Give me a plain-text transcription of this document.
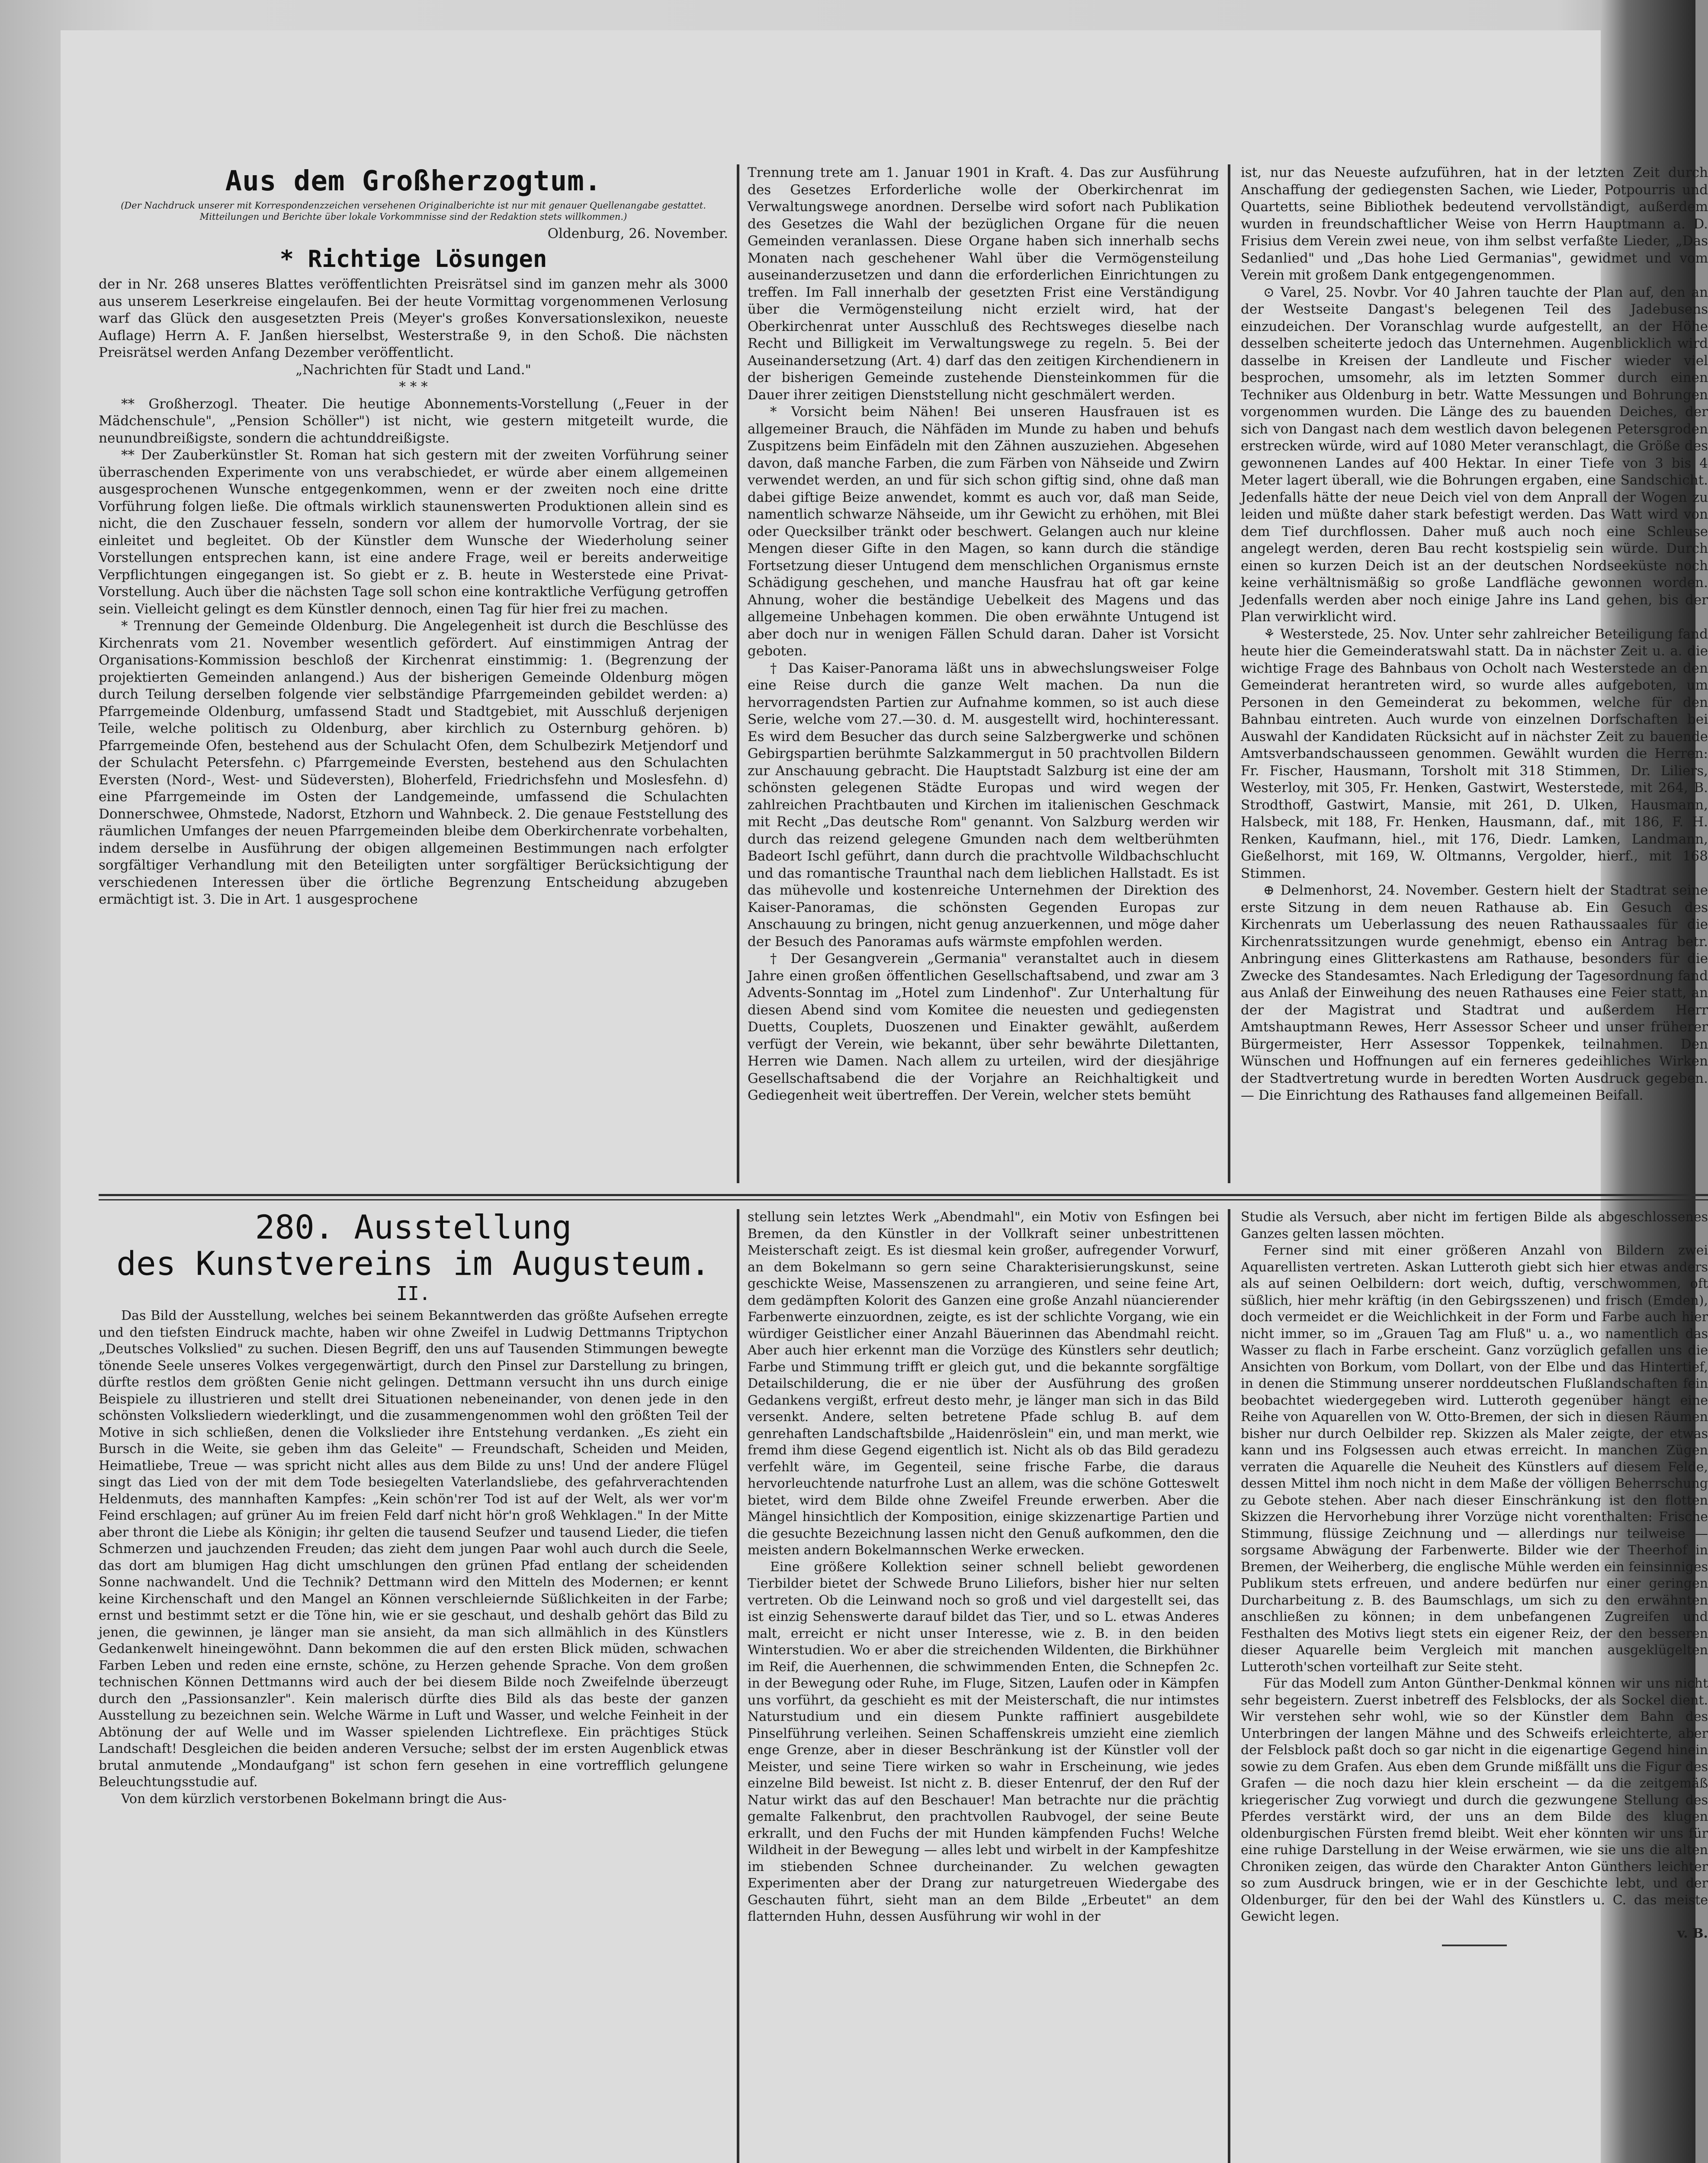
Aus dem Großherzogtum.
(Der Nachdruck unserer mit Korrespondenzzeichen versehenen Originalberichte ist nur mit genauer Quellenangabe gestattet. Mitteilungen und Berichte über lokale Vorkommnisse sind der Redaktion stets willkommen.)
Oldenburg, 26. November.
* Richtige Lösungen

der in Nr. 268 unseres Blattes veröffentlichten Preisrätsel sind im ganzen mehr als 3000 aus unserem Leserkreise eingelaufen. Bei der heute Vormittag vorgenommenen Verlosung warf das Glück den ausgesetzten Preis (Meyer's großes Konversationslexikon, neueste Auflage) Herrn A. F. Janßen hierselbst, Westerstraße 9, in den Schoß. Die nächsten Preisrätsel werden Anfang Dezember veröffentlicht.

„Nachrichten für Stadt und Land."
* * *

** Großherzogl. Theater. Die heutige Abonnements-Vorstellung („Feuer in der Mädchenschule", „Pension Schöller") ist nicht, wie gestern mitgeteilt wurde, die neunundbreißigste, sondern die achtunddreißigste.

** Der Zauberkünstler St. Roman hat sich gestern mit der zweiten Vorführung seiner überraschenden Experimente von uns verabschiedet, er würde aber einem allgemeinen ausgesprochenen Wunsche entgegenkommen, wenn er der zweiten noch eine dritte Vorführung folgen ließe. Die oftmals wirklich staunenswerten Produktionen allein sind es nicht, die den Zuschauer fesseln, sondern vor allem der humorvolle Vortrag, der sie einleitet und begleitet. Ob der Künstler dem Wunsche der Wiederholung seiner Vorstellungen entsprechen kann, ist eine andere Frage, weil er bereits anderweitige Verpflichtungen eingegangen ist. So giebt er z. B. heute in Westerstede eine Privat-Vorstellung. Auch über die nächsten Tage soll schon eine kontraktliche Verfügung getroffen sein. Vielleicht gelingt es dem Künstler dennoch, einen Tag für hier frei zu machen.

* Trennung der Gemeinde Oldenburg. Die Angelegenheit ist durch die Beschlüsse des Kirchenrats vom 21. November wesentlich gefördert. Auf einstimmigen Antrag der Organisations-Kommission beschloß der Kirchenrat einstimmig: 1. (Begrenzung der projektierten Gemeinden anlangend.) Aus der bisherigen Gemeinde Oldenburg mögen durch Teilung derselben folgende vier selbständige Pfarrgemeinden gebildet werden: a) Pfarrgemeinde Oldenburg, umfassend Stadt und Stadtgebiet, mit Ausschluß derjenigen Teile, welche politisch zu Oldenburg, aber kirchlich zu Osternburg gehören. b) Pfarrgemeinde Ofen, bestehend aus der Schulacht Ofen, dem Schulbezirk Metjendorf und der Schulacht Petersfehn. c) Pfarrgemeinde Eversten, bestehend aus den Schulachten Eversten (Nord-, West- und Südeversten), Bloherfeld, Friedrichsfehn und Moslesfehn. d) eine Pfarrgemeinde im Osten der Landgemeinde, umfassend die Schulachten Donnerschwee, Ohmstede, Nadorst, Etzhorn und Wahnbeck. 2. Die genaue Feststellung des räumlichen Umfanges der neuen Pfarrgemeinden bleibe dem Oberkirchenrate vorbehalten, indem derselbe in Ausführung der obigen allgemeinen Bestimmungen nach erfolgter sorgfältiger Verhandlung mit den Beteiligten unter sorgfältiger Berücksichtigung der verschiedenen Interessen über die örtliche Begrenzung Entscheidung abzugeben ermächtigt ist. 3. Die in Art. 1 ausgesprochene

Trennung trete am 1. Januar 1901 in Kraft. 4. Das zur Ausführung des Gesetzes Erforderliche wolle der Oberkirchenrat im Verwaltungswege anordnen. Derselbe wird sofort nach Publikation des Gesetzes die Wahl der bezüglichen Organe für die neuen Gemeinden veranlassen. Diese Organe haben sich innerhalb sechs Monaten nach geschehener Wahl über die Vermögensteilung auseinanderzusetzen und dann die erforderlichen Einrichtungen zu treffen. Im Fall innerhalb der gesetzten Frist eine Verständigung über die Vermögensteilung nicht erzielt wird, hat der Oberkirchenrat unter Ausschluß des Rechtsweges dieselbe nach Recht und Billigkeit im Verwaltungswege zu regeln. 5. Bei der Auseinandersetzung (Art. 4) darf das den zeitigen Kirchendienern in der bisherigen Gemeinde zustehende Diensteinkommen für die Dauer ihrer zeitigen Dienststellung nicht geschmälert werden.

* Vorsicht beim Nähen! Bei unseren Hausfrauen ist es allgemeiner Brauch, die Nähfäden im Munde zu haben und behufs Zuspitzens beim Einfädeln mit den Zähnen auszuziehen. Abgesehen davon, daß manche Farben, die zum Färben von Nähseide und Zwirn verwendet werden, an und für sich schon giftig sind, ohne daß man dabei giftige Beize anwendet, kommt es auch vor, daß man Seide, namentlich schwarze Nähseide, um ihr Gewicht zu erhöhen, mit Blei oder Quecksilber tränkt oder beschwert. Gelangen auch nur kleine Mengen dieser Gifte in den Magen, so kann durch die ständige Fortsetzung dieser Untugend dem menschlichen Organismus ernste Schädigung geschehen, und manche Hausfrau hat oft gar keine Ahnung, woher die beständige Uebelkeit des Magens und das allgemeine Unbehagen kommen. Die oben erwähnte Untugend ist aber doch nur in wenigen Fällen Schuld daran. Daher ist Vorsicht geboten.

† Das Kaiser-Panorama läßt uns in abwechslungsweiser Folge eine Reise durch die ganze Welt machen. Da nun die hervorragendsten Partien zur Aufnahme kommen, so ist auch diese Serie, welche vom 27.—30. d. M. ausgestellt wird, hochinteressant. Es wird dem Besucher das durch seine Salzbergwerke und schönen Gebirgspartien berühmte Salzkammergut in 50 prachtvollen Bildern zur Anschauung gebracht. Die Hauptstadt Salzburg ist eine der am schönsten gelegenen Städte Europas und wird wegen der zahlreichen Prachtbauten und Kirchen im italienischen Geschmack mit Recht „Das deutsche Rom" genannt. Von Salzburg werden wir durch das reizend gelegene Gmunden nach dem weltberühmten Badeort Ischl geführt, dann durch die prachtvolle Wildbachschlucht und das romantische Traunthal nach dem lieblichen Hallstadt. Es ist das mühevolle und kostenreiche Unternehmen der Direktion des Kaiser-Panoramas, die schönsten Gegenden Europas zur Anschauung zu bringen, nicht genug anzuerkennen, und möge daher der Besuch des Panoramas aufs wärmste empfohlen werden.

† Der Gesangverein „Germania" veranstaltet auch in diesem Jahre einen großen öffentlichen Gesellschaftsabend, und zwar am 3 Advents-Sonntag im „Hotel zum Lindenhof". Zur Unterhaltung für diesen Abend sind vom Komitee die neuesten und gediegensten Duetts, Couplets, Duoszenen und Einakter gewählt, außerdem verfügt der Verein, wie bekannt, über sehr bewährte Dilettanten, Herren wie Damen. Nach allem zu urteilen, wird der diesjährige Gesellschaftsabend die der Vorjahre an Reichhaltigkeit und Gediegenheit weit übertreffen. Der Verein, welcher stets bemüht

ist, nur das Neueste aufzuführen, hat in der letzten Zeit durch Anschaffung der gediegensten Sachen, wie Lieder, Potpourris und Quartetts, seine Bibliothek bedeutend vervollständigt, außerdem wurden in freundschaftlicher Weise von Herrn Hauptmann a. D. Frisius dem Verein zwei neue, von ihm selbst verfaßte Lieder, „Das Sedanlied" und „Das hohe Lied Germanias", gewidmet und vom Verein mit großem Dank entgegengenommen.

⊙ Varel, 25. Novbr. Vor 40 Jahren tauchte der Plan auf, den an der Westseite Dangast's belegenen Teil des Jadebusens einzudeichen. Der Voranschlag wurde aufgestellt, an der Höhe desselben scheiterte jedoch das Unternehmen. Augenblicklich wird dasselbe in Kreisen der Landleute und Fischer wieder viel besprochen, umsomehr, als im letzten Sommer durch einen Techniker aus Oldenburg in betr. Watte Messungen und Bohrungen vorgenommen wurden. Die Länge des zu bauenden Deiches, der sich von Dangast nach dem westlich davon belegenen Petersgroden erstrecken würde, wird auf 1080 Meter veranschlagt, die Größe des gewonnenen Landes auf 400 Hektar. In einer Tiefe von 3 bis 4 Meter lagert überall, wie die Bohrungen ergaben, eine Sandschicht. Jedenfalls hätte der neue Deich viel von dem Anprall der Wogen zu leiden und müßte daher stark befestigt werden. Das Watt wird von dem Tief durchflossen. Daher muß auch noch eine Schleuse angelegt werden, deren Bau recht kostspielig sein würde. Durch einen so kurzen Deich ist an der deutschen Nordseeküste noch keine verhältnismäßig so große Landfläche gewonnen worden. Jedenfalls werden aber noch einige Jahre ins Land gehen, bis der Plan verwirklicht wird.

⚘ Westerstede, 25. Nov. Unter sehr zahlreicher Beteiligung fand heute hier die Gemeinderatswahl statt. Da in nächster Zeit u. a. die wichtige Frage des Bahnbaus von Ocholt nach Westerstede an den Gemeinderat herantreten wird, so wurde alles aufgeboten, um Personen in den Gemeinderat zu bekommen, welche für den Bahnbau eintreten. Auch wurde von einzelnen Dorfschaften bei Auswahl der Kandidaten Rücksicht auf in nächster Zeit zu bauende Amtsverbandschausseen genommen. Gewählt wurden die Herren: Fr. Fischer, Hausmann, Torsholt mit 318 Stimmen, Dr. Liliers, Westerloy, mit 305, Fr. Henken, Gastwirt, Westerstede, mit 264, B. Strodthoff, Gastwirt, Mansie, mit 261, D. Ulken, Hausmann, Halsbeck, mit 188, Fr. Henken, Hausmann, daf., mit 186, F. H. Renken, Kaufmann, hiel., mit 176, Diedr. Lamken, Landmann, Gießelhorst, mit 169, W. Oltmanns, Vergolder, hierf., mit 168 Stimmen.

⊕ Delmenhorst, 24. November. Gestern hielt der Stadtrat seine erste Sitzung in dem neuen Rathause ab. Ein Gesuch des Kirchenrats um Ueberlassung des neuen Rathaussaales für die Kirchenratssitzungen wurde genehmigt, ebenso ein Antrag betr. Anbringung eines Glitterkastens am Rathause, besonders für die Zwecke des Standesamtes. Nach Erledigung der Tagesordnung fand aus Anlaß der Einweihung des neuen Rathauses eine Feier statt, an der der Magistrat und Stadtrat und außerdem Herr Amtshauptmann Rewes, Herr Assessor Scheer und unser früherer Bürgermeister, Herr Assessor Toppenkek, teilnahmen. Den Wünschen und Hoffnungen auf ein ferneres gedeihliches Wirken der Stadtvertretung wurde in beredten Worten Ausdruck gegeben. — Die Einrichtung des Rathauses fand allgemeinen Beifall.

280. Ausstellung
des Kunstvereins im Augusteum.
II.

Das Bild der Ausstellung, welches bei seinem Bekanntwerden das größte Aufsehen erregte und den tiefsten Eindruck machte, haben wir ohne Zweifel in Ludwig Dettmanns Triptychon „Deutsches Volkslied" zu suchen. Diesen Begriff, den uns auf Tausenden Stimmungen bewegte tönende Seele unseres Volkes vergegenwärtigt, durch den Pinsel zur Darstellung zu bringen, dürfte restlos dem größten Genie nicht gelingen. Dettmann versucht ihn uns durch einige Beispiele zu illustrieren und stellt drei Situationen nebeneinander, von denen jede in den schönsten Volksliedern wiederklingt, und die zusammengenommen wohl den größten Teil der Motive in sich schließen, denen die Volkslieder ihre Entstehung verdanken. „Es zieht ein Bursch in die Weite, sie geben ihm das Geleite" — Freundschaft, Scheiden und Meiden, Heimatliebe, Treue — was spricht nicht alles aus dem Bilde zu uns! Und der andere Flügel singt das Lied von der mit dem Tode besiegelten Vaterlandsliebe, des gefahrverachtenden Heldenmuts, des mannhaften Kampfes: „Kein schön'rer Tod ist auf der Welt, als wer vor'm Feind erschlagen; auf grüner Au im freien Feld darf nicht hör'n groß Wehklagen." In der Mitte aber thront die Liebe als Königin; ihr gelten die tausend Seufzer und tausend Lieder, die tiefen Schmerzen und jauchzenden Freuden; das zieht dem jungen Paar wohl auch durch die Seele, das dort am blumigen Hag dicht umschlungen den grünen Pfad entlang der scheidenden Sonne nachwandelt. Und die Technik? Dettmann wird den Mitteln des Modernen; er kennt keine Kirchenschaft und den Mangel an Können verschleiernde Süßlichkeiten in der Farbe; ernst und bestimmt setzt er die Töne hin, wie er sie geschaut, und deshalb gehört das Bild zu jenen, die gewinnen, je länger man sie ansieht, da man sich allmählich in des Künstlers Gedankenwelt hineingewöhnt. Dann bekommen die auf den ersten Blick müden, schwachen Farben Leben und reden eine ernste, schöne, zu Herzen gehende Sprache. Von dem großen technischen Können Dettmanns wird auch der bei diesem Bilde noch Zweifelnde überzeugt durch den „Passionsanzler". Kein malerisch dürfte dies Bild als das beste der ganzen Ausstellung zu bezeichnen sein. Welche Wärme in Luft und Wasser, und welche Feinheit in der Abtönung der auf Welle und im Wasser spielenden Lichtreflexe. Ein prächtiges Stück Landschaft! Desgleichen die beiden anderen Versuche; selbst der im ersten Augenblick etwas brutal anmutende „Mondaufgang" ist schon fern gesehen in eine vortrefflich gelungene Beleuchtungsstudie auf.

Von dem kürzlich verstorbenen Bokelmann bringt die Aus-

stellung sein letztes Werk „Abendmahl", ein Motiv von Esfingen bei Bremen, da den Künstler in der Vollkraft seiner unbestrittenen Meisterschaft zeigt. Es ist diesmal kein großer, aufregender Vorwurf, an dem Bokelmann so gern seine Charakterisierungskunst, seine geschickte Weise, Massenszenen zu arrangieren, und seine feine Art, dem gedämpften Kolorit des Ganzen eine große Anzahl nüancierender Farbenwerte einzuordnen, zeigte, es ist der schlichte Vorgang, wie ein würdiger Geistlicher einer Anzahl Bäuerinnen das Abendmahl reicht. Aber auch hier erkennt man die Vorzüge des Künstlers sehr deutlich; Farbe und Stimmung trifft er gleich gut, und die bekannte sorgfältige Detailschilderung, die er nie über der Ausführung des großen Gedankens vergißt, erfreut desto mehr, je länger man sich in das Bild versenkt. Andere, selten betretene Pfade schlug B. auf dem genrehaften Landschaftsbilde „Haidenröslein" ein, und man merkt, wie fremd ihm diese Gegend eigentlich ist. Nicht als ob das Bild geradezu verfehlt wäre, im Gegenteil, seine frische Farbe, die daraus hervorleuchtende naturfrohe Lust an allem, was die schöne Gotteswelt bietet, wird dem Bilde ohne Zweifel Freunde erwerben. Aber die Mängel hinsichtlich der Komposition, einige skizzenartige Partien und die gesuchte Bezeichnung lassen nicht den Genuß aufkommen, den die meisten andern Bokelmannschen Werke erwecken.

Eine größere Kollektion seiner schnell beliebt gewordenen Tierbilder bietet der Schwede Bruno Liliefors, bisher hier nur selten vertreten. Ob die Leinwand noch so groß und viel dargestellt sei, das ist einzig Sehenswerte darauf bildet das Tier, und so L. etwas Anderes malt, erreicht er nicht unser Interesse, wie z. B. in den beiden Winterstudien. Wo er aber die streichenden Wildenten, die Birkhühner im Reif, die Auerhennen, die schwimmenden Enten, die Schnepfen 2c. in der Bewegung oder Ruhe, im Fluge, Sitzen, Laufen oder in Kämpfen uns vorführt, da geschieht es mit der Meisterschaft, die nur intimstes Naturstudium und ein diesem Punkte raffiniert ausgebildete Pinselführung verleihen. Seinen Schaffenskreis umzieht eine ziemlich enge Grenze, aber in dieser Beschränkung ist der Künstler voll der Meister, und seine Tiere wirken so wahr in Erscheinung, wie jedes einzelne Bild beweist. Ist nicht z. B. dieser Entenruf, der den Ruf der Natur wirkt das auf den Beschauer! Man betrachte nur die prächtig gemalte Falkenbrut, den prachtvollen Raubvogel, der seine Beute erkrallt, und den Fuchs der mit Hunden kämpfenden Fuchs! Welche Wildheit in der Bewegung — alles lebt und wirbelt in der Kampfeshitze im stiebenden Schnee durcheinander. Zu welchen gewagten Experimenten aber der Drang zur naturgetreuen Wiedergabe des Geschauten führt, sieht man an dem Bilde „Erbeutet" an dem flatternden Huhn, dessen Ausführung wir wohl in der

Studie als Versuch, aber nicht im fertigen Bilde als abgeschlossenes Ganzes gelten lassen möchten.

Ferner sind mit einer größeren Anzahl von Bildern zwei Aquarellisten vertreten. Askan Lutteroth giebt sich hier etwas anders als auf seinen Oelbildern: dort weich, duftig, verschwommen, oft süßlich, hier mehr kräftig (in den Gebirgsszenen) und frisch (Emden), doch vermeidet er die Weichlichkeit in der Form und Farbe auch hier nicht immer, so im „Grauen Tag am Fluß" u. a., wo namentlich das Wasser zu flach in Farbe erscheint. Ganz vorzüglich gefallen uns die Ansichten von Borkum, vom Dollart, von der Elbe und das Hintertief, in denen die Stimmung unserer norddeutschen Flußlandschaften fein beobachtet wiedergegeben wird. Lutteroth gegenüber hängt eine Reihe von Aquarellen von W. Otto-Bremen, der sich in diesen Räumen bisher nur durch Oelbilder rep. Skizzen als Maler zeigte, der etwas kann und ins Folgsessen auch etwas erreicht. In manchen Zügen verraten die Aquarelle die Neuheit des Künstlers auf diesem Felde, dessen Mittel ihm noch nicht in dem Maße der völligen Beherrschung zu Gebote stehen. Aber nach dieser Einschränkung ist den flotten Skizzen die Hervorhebung ihrer Vorzüge nicht vorenthalten: Frische Stimmung, flüssige Zeichnung und — allerdings nur teilweise — sorgsame Abwägung der Farbenwerte. Bilder wie der Theerhof in Bremen, der Weiherberg, die englische Mühle werden ein feinsinniges Publikum stets erfreuen, und andere bedürfen nur einer geringen Durcharbeitung z. B. des Baumschlags, um sich zu den erwähnten anschließen zu können; in dem unbefangenen Zugreifen und Festhalten des Motivs liegt stets ein eigener Reiz, der den besseren dieser Aquarelle beim Vergleich mit manchen ausgeklügelten Lutteroth'schen vorteilhaft zur Seite steht.

Für das Modell zum Anton Günther-Denkmal können wir uns nicht sehr begeistern. Zuerst inbetreff des Felsblocks, der als Sockel dient. Wir verstehen sehr wohl, wie so der Künstler dem Bahn des Unterbringen der langen Mähne und des Schweifs erleichterte, aber der Felsblock paßt doch so gar nicht in die eigenartige Gegend hinein sowie zu dem Grafen. Aus eben dem Grunde mißfällt uns die Figur des Grafen — die noch dazu hier klein erscheint — da die zeitgemäß kriegerischer Zug vorwiegt und durch die gezwungene Stellung des Pferdes verstärkt wird, der uns an dem Bilde des klugen oldenburgischen Fürsten fremd bleibt. Weit eher könnten wir uns für eine ruhige Darstellung in der Weise erwärmen, wie sie uns die alten Chroniken zeigen, das würde den Charakter Anton Günthers leichter so zum Ausdruck bringen, wie er in der Geschichte lebt, und der Oldenburger, für den bei der Wahl des Künstlers u. C. das meiste Gewicht legen.

v. B.
